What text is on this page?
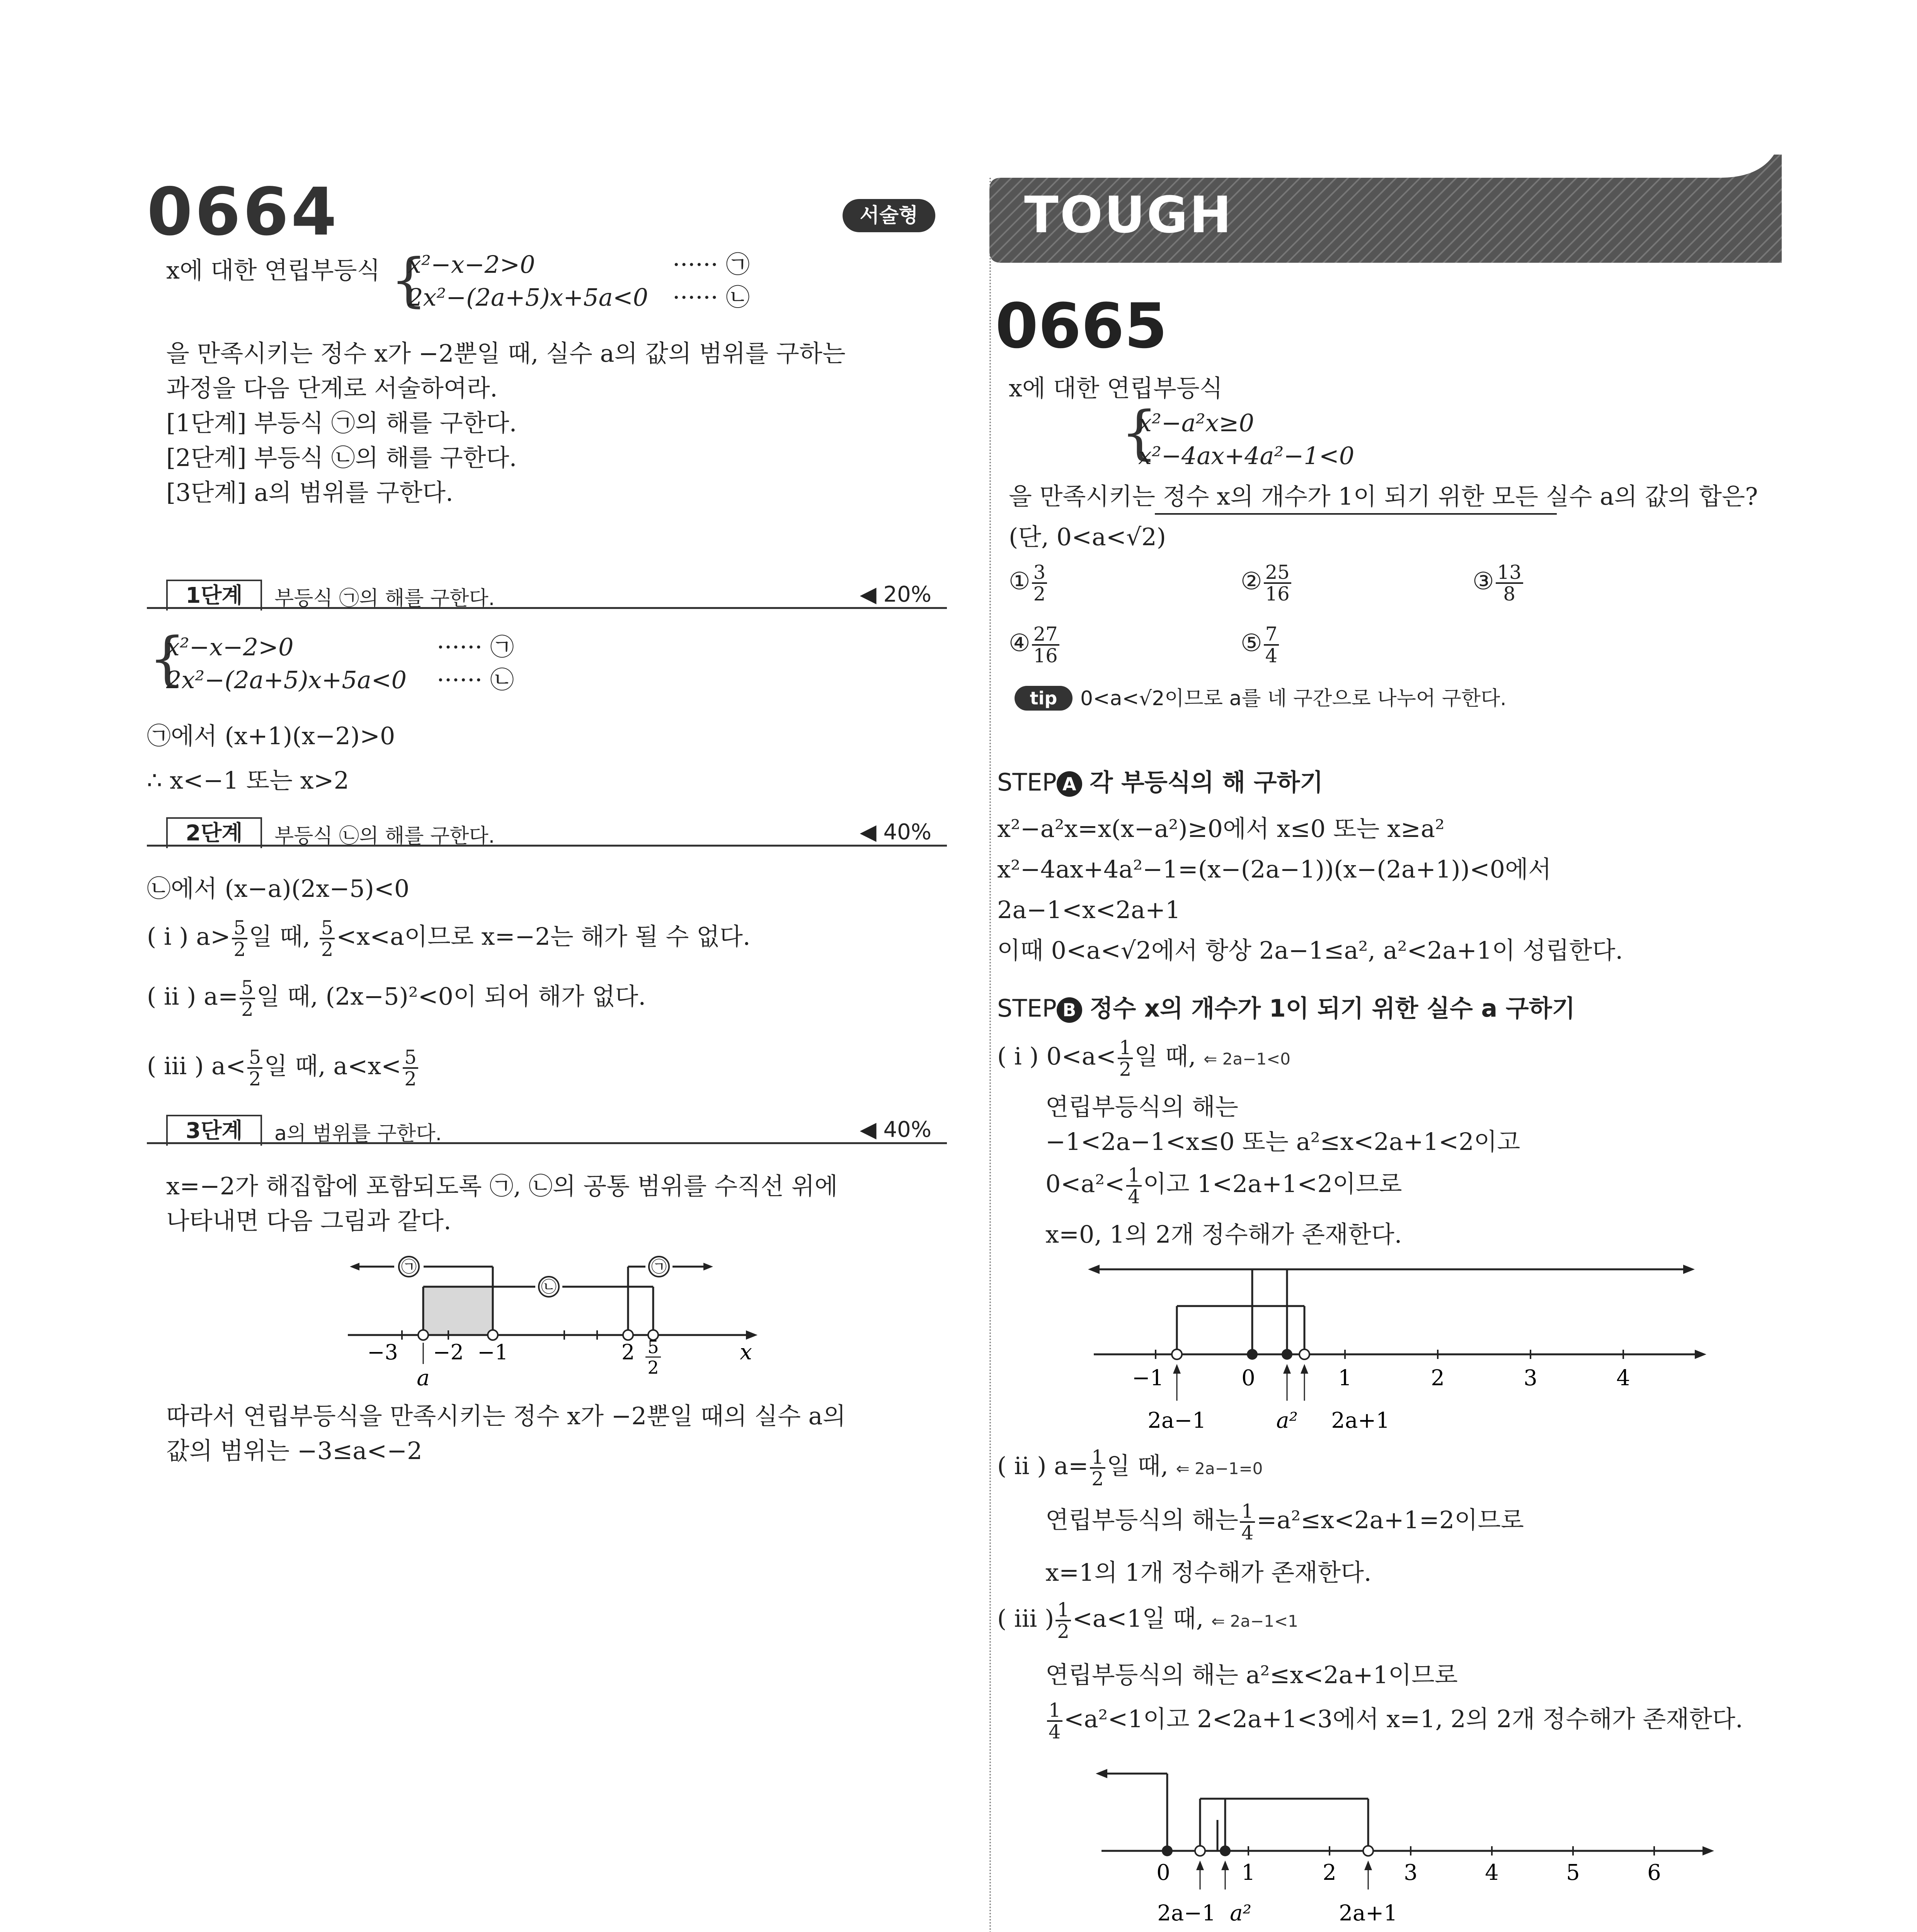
0664	서술형
x에 대한 연립부등식 {
x²−x−2>0	······ ㉠
2x²−(2a+5)x+5a<0 ······ ㉡
을 만족시키는 정수 x가 −2뿐일 때, 실수 a의 값의 범위를 구하는
과정을 다음 단계로 서술하여라.
[1단계] 부등식 ㉠의 해를 구한다.
[2단계] 부등식 ㉡의 해를 구한다.
[3단계] a의 범위를 구한다.
1단계	부등식 ㉠의 해를 구한다.	◀ 20%
{
x²−x−2>0	······ ㉠
2x²−(2a+5)x+5a<0 ······ ㉡
㉠에서 (x+1)(x−2)>0
∴ x<−1 또는 x>2
2단계	부등식 ㉡의 해를 구한다.	◀ 40%
㉡에서 (x−a)(2x−5)<0
( i ) $a> \frac{5}{2}$ 일 때, $\frac{5}{2} <x<a$이므로 x=−2는 해가 될 수 없다.
( ii ) $a= \frac{5}{2}$ 일 때, (2x−5)²<0이 되어 해가 없다.
( iii ) $a< \frac{5}{2}$ 일 때, $a<x< \frac{5}{2}$
3단계	a의 범위를 구한다.	◀ 40%
x=−2가 해집합에 포함되도록 ㉠, ㉡의 공통 범위를 수직선 위에
나타내면 다음 그림과 같다.
㉠
㉡
㉠
−3 −2 −1	2 5
2
a
x
따라서 연립부등식을 만족시키는 정수 x가 −2뿐일 때의 실수 a의
값의 범위는 −3≤a<−2
TOUGH
0665
x에 대한 연립부등식
{
x²−a²x≥0
x²−4ax+4a²−1<0
을 만족시키는 정수 x의 개수가 1이 되기 위한 모든 실수 a의 값의 합은?
(단, 0<a<√2)
① $\frac{3}{2}$	② $\frac{25}{16}$	③ $\frac{13}{8}$
④ $\frac{27}{16}$	⑤ $\frac{7}{4}$
tip	0<a<√2이므로 a를 네 구간으로 나누어 구한다.
STEP A 각 부등식의 해 구하기
x²−a²x=x(x−a²)≥0에서 x≤0 또는 x≥a²
x²−4ax+4a²−1=(x−(2a−1))(x−(2a+1))<0에서
2a−1<x<2a+1
이때 0<a<√2에서 항상 2a−1≤a², a²<2a+1이 성립한다.
STEP B 정수 x의 개수가 1이 되기 위한 실수 a 구하기
( i ) $0<a< \frac{1}{2}$ 일 때, ⇐ 2a−1<0
연립부등식의 해는
−1<2a−1<x≤0 또는 a²≤x<2a+1<2이고
$0<a^2< \frac{1}{4}$ 이고 1<2a+1<2이므로
x=0, 1의 2개 정수해가 존재한다.
−1	0	1	2	3	4
2a−1	a² 2a+1
( ii ) $a= \frac{1}{2}$ 일 때, ⇐ 2a−1=0
연립부등식의 해는 $\frac{1}{4} =a^2\le x<2a+1=2$이므로
x=1의 1개 정수해가 존재한다.
( iii ) $\frac{1}{2} <a<1$일 때, ⇐ 2a−1<1
연립부등식의 해는 a²≤x<2a+1이므로
$\frac{1}{4} <a^2<1$이고 2<2a+1<3에서 x=1, 2의 2개 정수해가 존재한다.
0	1	2	3	4	5	6
2a−1 a²	2a+1
